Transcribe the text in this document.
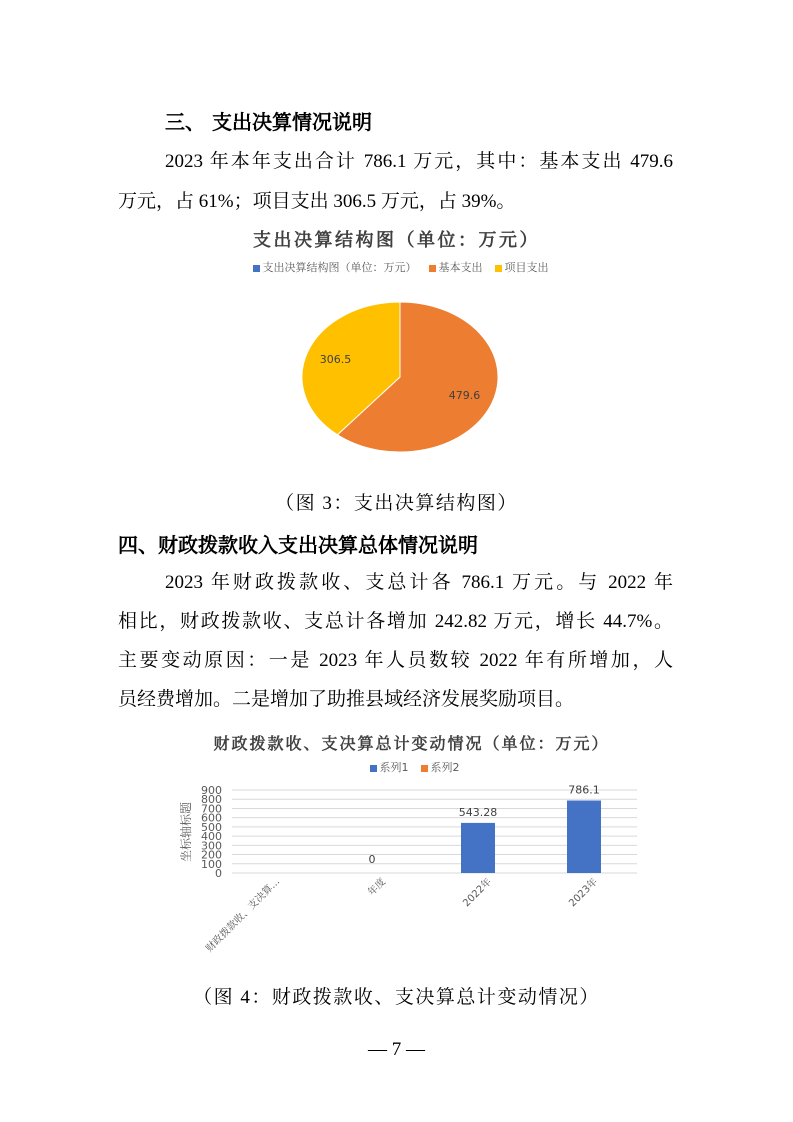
三、 支出决算情况说明
2023 年本年支出合计 786.1 万元，其中：基本支出 479.6
万元，占 61%；项目支出 306.5 万元，占 39%。
支出决算结构图（单位：万元）
支出决算结构图（单位：万元） 基本支出 项目支出
479.6
306.5
（图 3：支出决算结构图）
四、财政拨款收入支出决算总体情况说明
2023 年财政拨款收、支总计各 786.1 万元。与 2022 年
相比，财政拨款收、支总计各增加 242.82 万元，增长 44.7%。
主要变动原因：一是 2023 年人员数较 2022 年有所增加，人
员经费增加。二是增加了助推县域经济发展奖励项目。
财政拨款收、支决算总计变动情况（单位：万元）
系列1 系列2
坐标轴标题
0
100
200
300
400
500
600
700
800
900
财政拨款收、支决算...	年度	2022年	2023年
0
543.28
786.1
（图 4：财政拨款收、支决算总计变动情况）
— 7 —
